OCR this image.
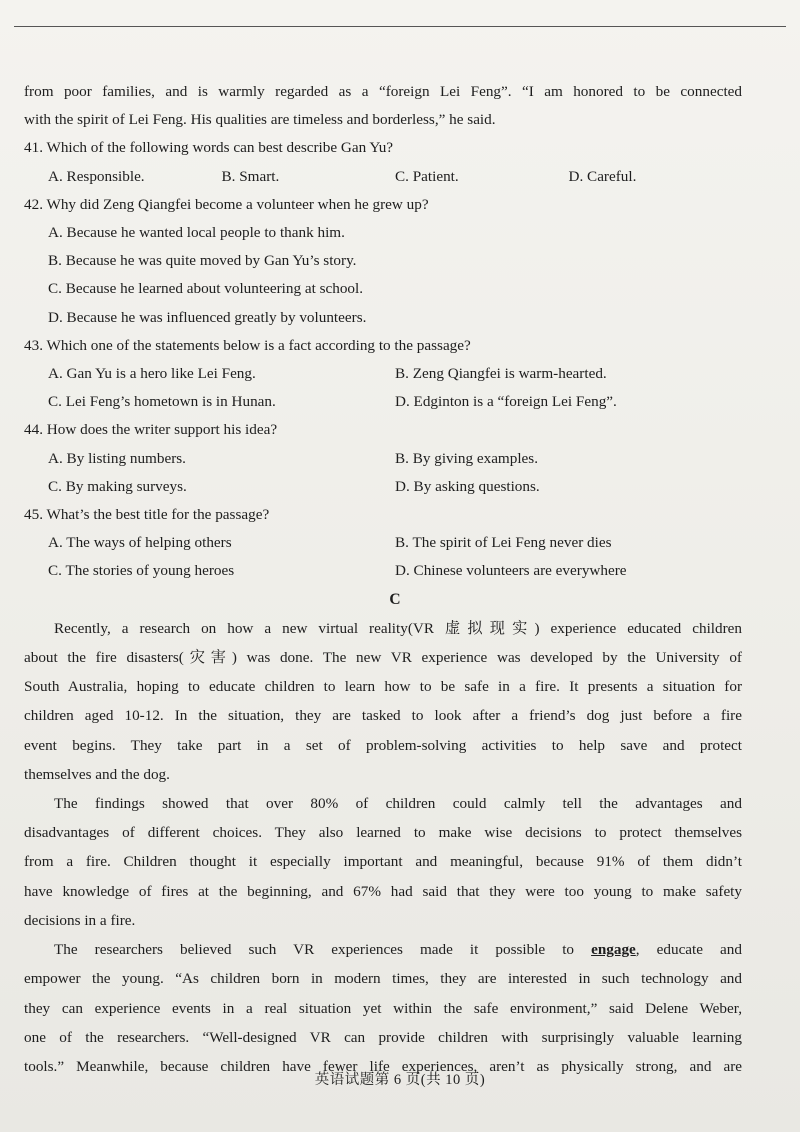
from poor families, and is warmly regarded as a “foreign Lei Feng”. “I am honored to be connected
with the spirit of Lei Feng. His qualities are timeless and borderless,” he said.
41. Which of the following words can best describe Gan Yu?
A. Responsible.	B. Smart.	C. Patient.	D. Careful.
42. Why did Zeng Qiangfei become a volunteer when he grew up?
A. Because he wanted local people to thank him.
B. Because he was quite moved by Gan Yu’s story.
C. Because he learned about volunteering at school.
D. Because he was influenced greatly by volunteers.
43. Which one of the statements below is a fact according to the passage?
A. Gan Yu is a hero like Lei Feng.	B. Zeng Qiangfei is warm-hearted.
C. Lei Feng’s hometown is in Hunan.	D. Edginton is a “foreign Lei Feng”.
44. How does the writer support his idea?
A. By listing numbers.	B. By giving examples.
C. By making surveys.	D. By asking questions.
45. What’s the best title for the passage?
A. The ways of helping others	B. The spirit of Lei Feng never dies
C. The stories of young heroes	D. Chinese volunteers are everywhere
C
Recently, a research on how a new virtual reality(VR 虚拟现实) experience educated children
about the fire disasters(灾害) was done. The new VR experience was developed by the University of
South Australia, hoping to educate children to learn how to be safe in a fire. It presents a situation for
children aged 10-12. In the situation, they are tasked to look after a friend’s dog just before a fire
event begins. They take part in a set of problem-solving activities to help save and protect
themselves and the dog.
The findings showed that over 80% of children could calmly tell the advantages and
disadvantages of different choices. They also learned to make wise decisions to protect themselves
from a fire. Children thought it especially important and meaningful, because 91% of them didn’t
have knowledge of fires at the beginning, and 67% had said that they were too young to make safety
decisions in a fire.
The researchers believed such VR experiences made it possible to engage, educate and
empower the young. “As children born in modern times, they are interested in such technology and
they can experience events in a real situation yet within the safe environment,” said Delene Weber,
one of the researchers. “Well-designed VR can provide children with surprisingly valuable learning
tools.” Meanwhile, because children have fewer life experiences, aren’t as physically strong, and are
英语试题第 6 页(共 10 页)
